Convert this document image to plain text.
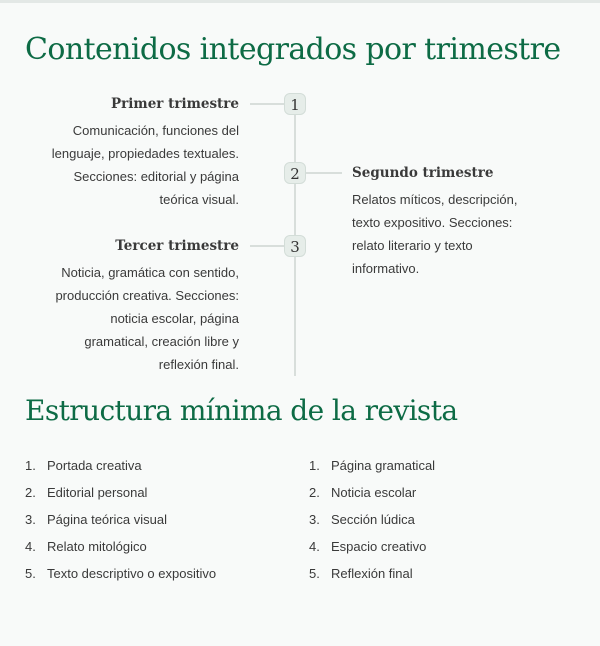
Contenidos integrados por trimestre
1
Primer trimestre
Comunicación, funciones del
lenguaje, propiedades textuales.
Secciones: editorial y página
teórica visual.
2	Segundo trimestre
Relatos míticos, descripción,
texto expositivo. Secciones:
relato literario y texto
informativo.
3
Tercer trimestre
Noticia, gramática con sentido,
producción creativa. Secciones:
noticia escolar, página
gramatical, creación libre y
reflexión final.
Estructura mínima de la revista
1. Portada creativa
2. Editorial personal
3. Página teórica visual
4. Relato mitológico
5. Texto descriptivo o expositivo
1. Página gramatical
2. Noticia escolar
3. Sección lúdica
4. Espacio creativo
5. Reflexión final
